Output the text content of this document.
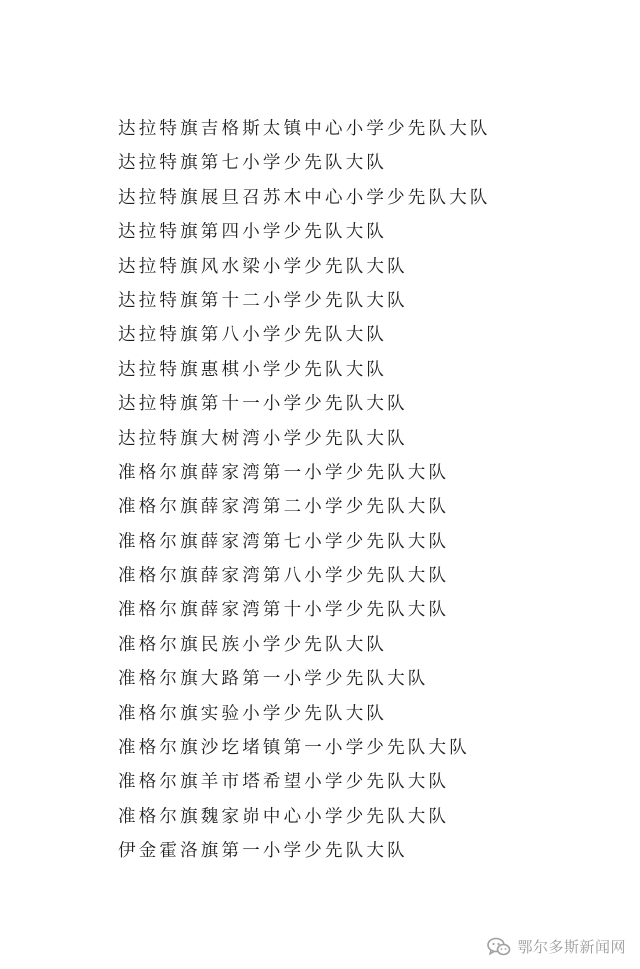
达拉特旗吉格斯太镇中心小学少先队大队
达拉特旗第七小学少先队大队
达拉特旗展旦召苏木中心小学少先队大队
达拉特旗第四小学少先队大队
达拉特旗风水梁小学少先队大队
达拉特旗第十二小学少先队大队
达拉特旗第八小学少先队大队
达拉特旗惠棋小学少先队大队
达拉特旗第十一小学少先队大队
达拉特旗大树湾小学少先队大队
准格尔旗薛家湾第一小学少先队大队
准格尔旗薛家湾第二小学少先队大队
准格尔旗薛家湾第七小学少先队大队
准格尔旗薛家湾第八小学少先队大队
准格尔旗薛家湾第十小学少先队大队
准格尔旗民族小学少先队大队
准格尔旗大路第一小学少先队大队
准格尔旗实验小学少先队大队
准格尔旗沙圪堵镇第一小学少先队大队
准格尔旗羊市塔希望小学少先队大队
准格尔旗魏家峁中心小学少先队大队
伊金霍洛旗第一小学少先队大队
鄂尔多斯新闻网
